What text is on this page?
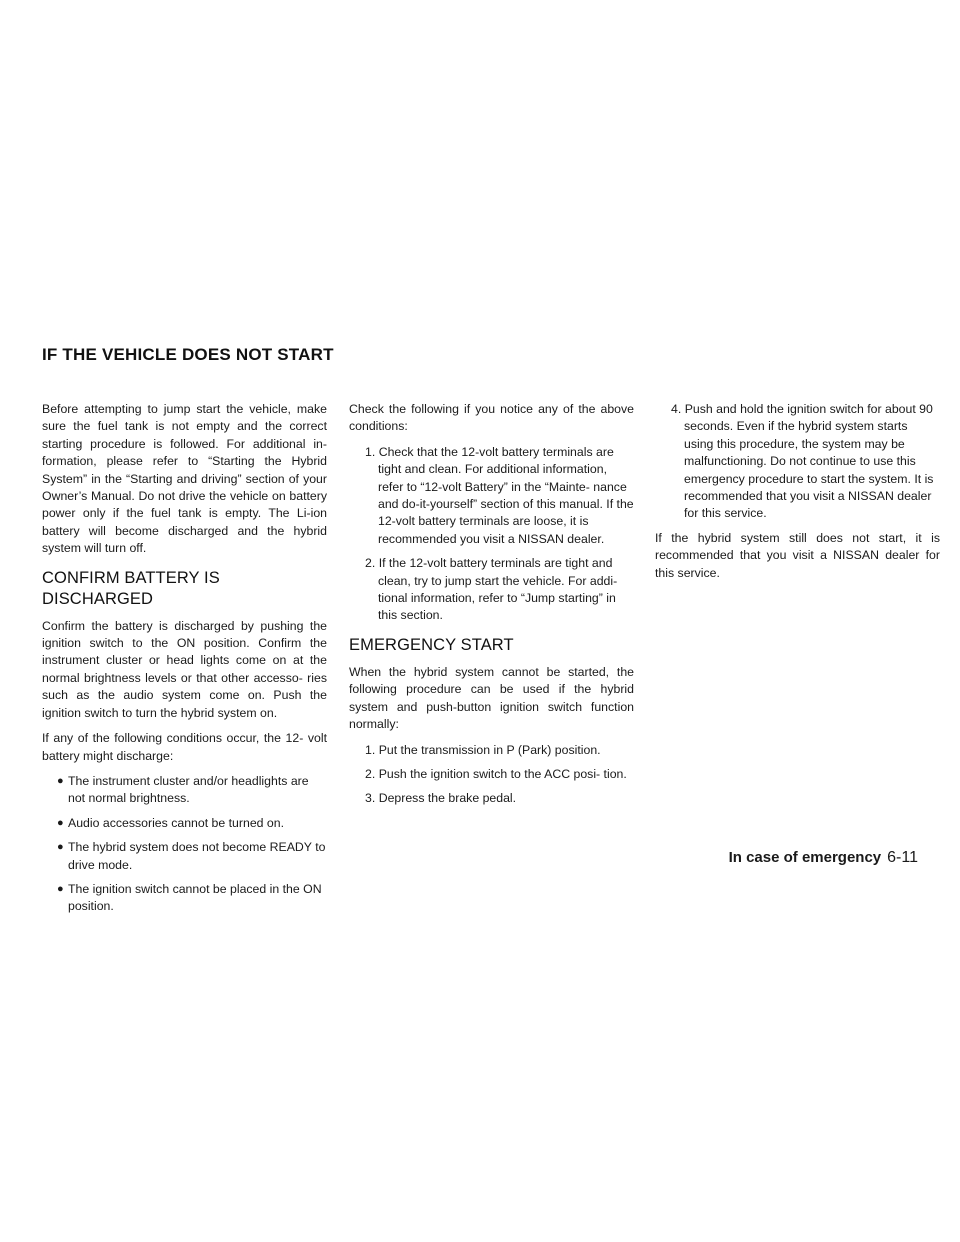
IF THE VEHICLE DOES NOT START

Before attempting to jump start the vehicle, make sure the fuel tank is not empty and the correct starting procedure is followed. For additional in- formation, please refer to “Starting the Hybrid System” in the “Starting and driving” section of your Owner’s Manual. Do not drive the vehicle on battery power only if the fuel tank is empty. The Li-ion battery will become discharged and the hybrid system will turn off.

CONFIRM BATTERY IS
DISCHARGED

Confirm the battery is discharged by pushing the ignition switch to the ON position. Confirm the instrument cluster or head lights come on at the normal brightness levels or that other accesso- ries such as the audio system come on. Push the ignition switch to turn the hybrid system on.

If any of the following conditions occur, the 12- volt battery might discharge:

● The instrument cluster and/or headlights are not normal brightness.
● Audio accessories cannot be turned on.
● The hybrid system does not become READY to drive mode.
● The ignition switch cannot be placed in the ON position.

Check the following if you notice any of the above conditions:

1. Check that the 12-volt battery terminals are tight and clean. For additional information, refer to “12-volt Battery” in the “Mainte- nance and do-it-yourself” section of this manual. If the 12-volt battery terminals are loose, it is recommended you visit a NISSAN dealer.
2. If the 12-volt battery terminals are tight and clean, try to jump start the vehicle. For addi- tional information, refer to “Jump starting” in this section.
EMERGENCY START

When the hybrid system cannot be started, the following procedure can be used if the hybrid system and push-button ignition switch function normally:

1. Put the transmission in P (Park) position.
2. Push the ignition switch to the ACC posi- tion.
3. Depress the brake pedal.
4. Push and hold the ignition switch for about 90 seconds. Even if the hybrid system starts using this procedure, the system may be malfunctioning. Do not continue to use this emergency procedure to start the system. It is recommended that you visit a NISSAN dealer for this service.

If the hybrid system still does not start, it is recommended that you visit a NISSAN dealer for this service.

In case of emergency 6-11
